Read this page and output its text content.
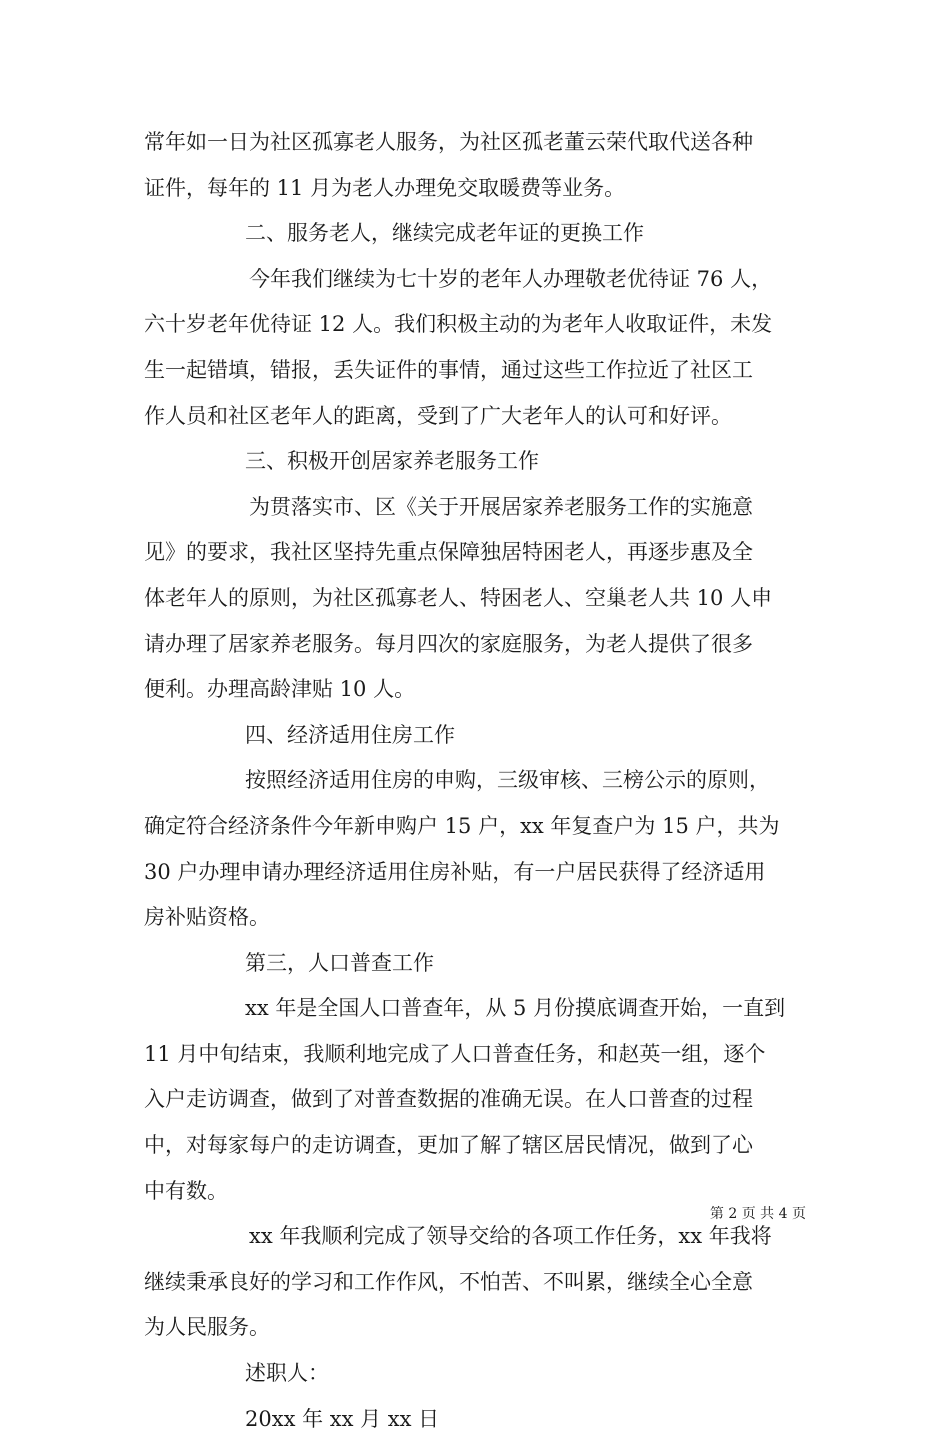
常年如一日为社区孤寡老人服务，为社区孤老董云荣代取代送各种
证件，每年的 11 月为老人办理免交取暖费等业务。
二、服务老人，继续完成老年证的更换工作
今年我们继续为七十岁的老年人办理敬老优待证 76 人，
六十岁老年优待证 12 人。我们积极主动的为老年人收取证件，未发
生一起错填，错报，丢失证件的事情，通过这些工作拉近了社区工
作人员和社区老年人的距离，受到了广大老年人的认可和好评。
三、积极开创居家养老服务工作
为贯落实市、区《关于开展居家养老服务工作的实施意
见》的要求，我社区坚持先重点保障独居特困老人，再逐步惠及全
体老年人的原则，为社区孤寡老人、特困老人、空巢老人共 10 人申
请办理了居家养老服务。每月四次的家庭服务，为老人提供了很多
便利。办理高龄津贴 10 人。
四、经济适用住房工作
按照经济适用住房的申购，三级审核、三榜公示的原则，
确定符合经济条件今年新申购户 15 户，xx 年复查户为 15 户，共为
30 户办理申请办理经济适用住房补贴，有一户居民获得了经济适用
房补贴资格。
第三，人口普查工作
xx 年是全国人口普查年，从 5 月份摸底调查开始，一直到
11 月中旬结束，我顺利地完成了人口普查任务，和赵英一组，逐个
入户走访调查，做到了对普查数据的准确无误。在人口普查的过程
中，对每家每户的走访调查，更加了解了辖区居民情况，做到了心
中有数。
xx 年我顺利完成了领导交给的各项工作任务，xx 年我将
继续秉承良好的学习和工作作风，不怕苦、不叫累，继续全心全意
为人民服务。
述职人：
20xx 年 xx 月 xx 日
第 2 页 共 4 页
